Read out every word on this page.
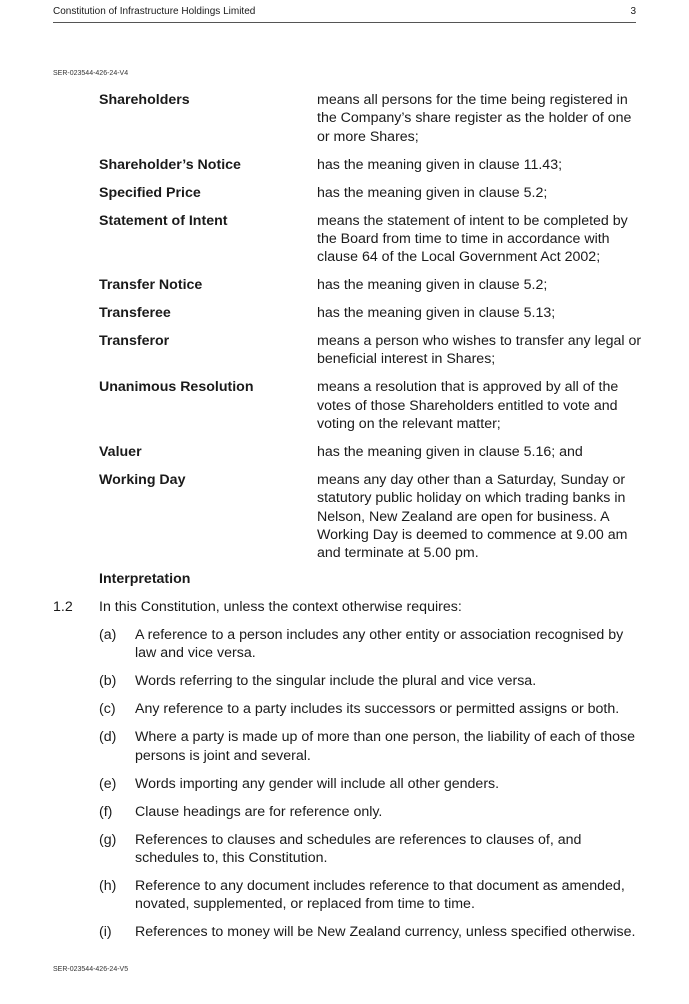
Constitution of Infrastructure Holdings Limited	3
SER-023544-426-24-V4
Shareholders	means all persons for the time being registered in the Company’s share register as the holder of one or more Shares;
Shareholder’s Notice	has the meaning given in clause 11.43;
Specified Price	has the meaning given in clause 5.2;
Statement of Intent	means the statement of intent to be completed by the Board from time to time in accordance with clause 64 of the Local Government Act 2002;
Transfer Notice	has the meaning given in clause 5.2;
Transferee	has the meaning given in clause 5.13;
Transferor	means a person who wishes to transfer any legal or beneficial interest in Shares;
Unanimous Resolution	means a resolution that is approved by all of the votes of those Shareholders entitled to vote and voting on the relevant matter;
Valuer	has the meaning given in clause 5.16; and
Working Day	means any day other than a Saturday, Sunday or statutory public holiday on which trading banks in Nelson, New Zealand are open for business. A Working Day is deemed to commence at 9.00 am and terminate at 5.00 pm.
Interpretation
1.2 In this Constitution, unless the context otherwise requires:
(a)	A reference to a person includes any other entity or association recognised by law and vice versa.
(b)	Words referring to the singular include the plural and vice versa.
(c)	Any reference to a party includes its successors or permitted assigns or both.
(d)	Where a party is made up of more than one person, the liability of each of those persons is joint and several.
(e)	Words importing any gender will include all other genders.
(f)	Clause headings are for reference only.
(g)	References to clauses and schedules are references to clauses of, and schedules to, this Constitution.
(h)	Reference to any document includes reference to that document as amended, novated, supplemented, or replaced from time to time.
(i)	References to money will be New Zealand currency, unless specified otherwise.
SER-023544-426-24-V5
